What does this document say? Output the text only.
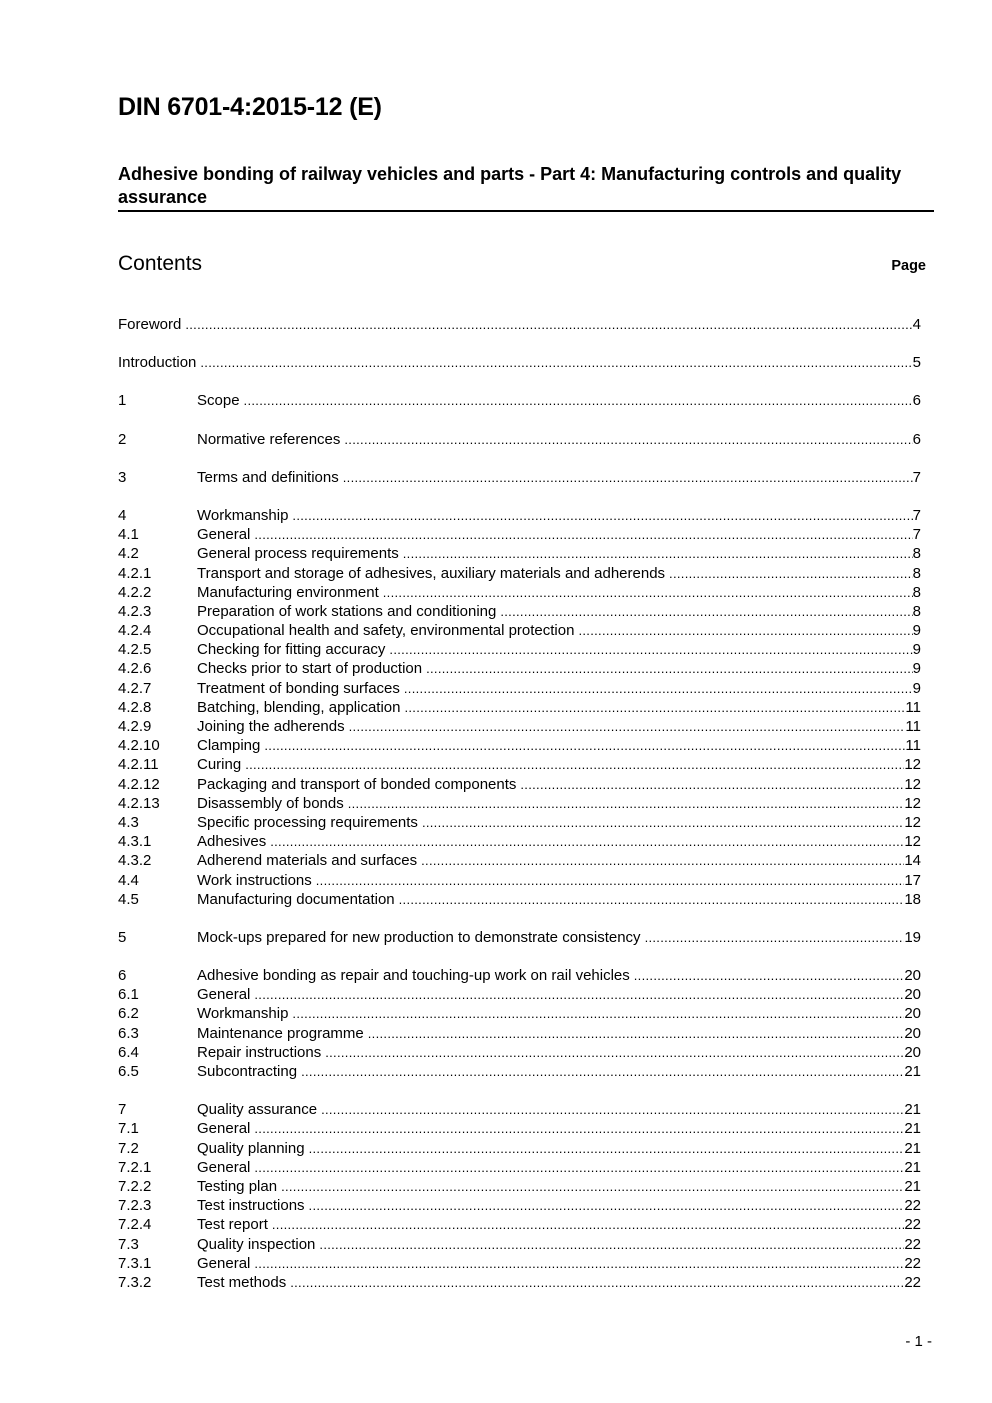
DIN 6701-4:2015-12 (E)
Adhesive bonding of railway vehicles and parts - Part 4: Manufacturing controls and quality assurance
Contents	Page
Foreword .....	4
Introduction .....	5
1	Scope .....	6
2	Normative references .....	6
3	Terms and definitions .....	7
4	Workmanship .....	7
4.1	General .....	7
4.2	General process requirements .....	8
4.2.1	Transport and storage of adhesives, auxiliary materials and adherends .....	8
4.2.2	Manufacturing environment .....	8
4.2.3	Preparation of work stations and conditioning .....	8
4.2.4	Occupational health and safety, environmental protection .....	9
4.2.5	Checking for fitting accuracy .....	9
4.2.6	Checks prior to start of production .....	9
4.2.7	Treatment of bonding surfaces .....	9
4.2.8	Batching, blending, application .....	11
4.2.9	Joining the adherends .....	11
4.2.10	Clamping .....	11
4.2.11	Curing .....	12
4.2.12	Packaging and transport of bonded components .....	12
4.2.13	Disassembly of bonds .....	12
4.3	Specific processing requirements .....	12
4.3.1	Adhesives .....	12
4.3.2	Adherend materials and surfaces .....	14
4.4	Work instructions .....	17
4.5	Manufacturing documentation .....	18
5	Mock-ups prepared for new production to demonstrate consistency .....	19
6	Adhesive bonding as repair and touching-up work on rail vehicles .....	20
6.1	General .....	20
6.2	Workmanship .....	20
6.3	Maintenance programme .....	20
6.4	Repair instructions .....	20
6.5	Subcontracting .....	21
7	Quality assurance .....	21
7.1	General .....	21
7.2	Quality planning .....	21
7.2.1	General .....	21
7.2.2	Testing plan .....	21
7.2.3	Test instructions .....	22
7.2.4	Test report .....	22
7.3	Quality inspection .....	22
7.3.1	General .....	22
7.3.2	Test methods .....	22
- 1 -
